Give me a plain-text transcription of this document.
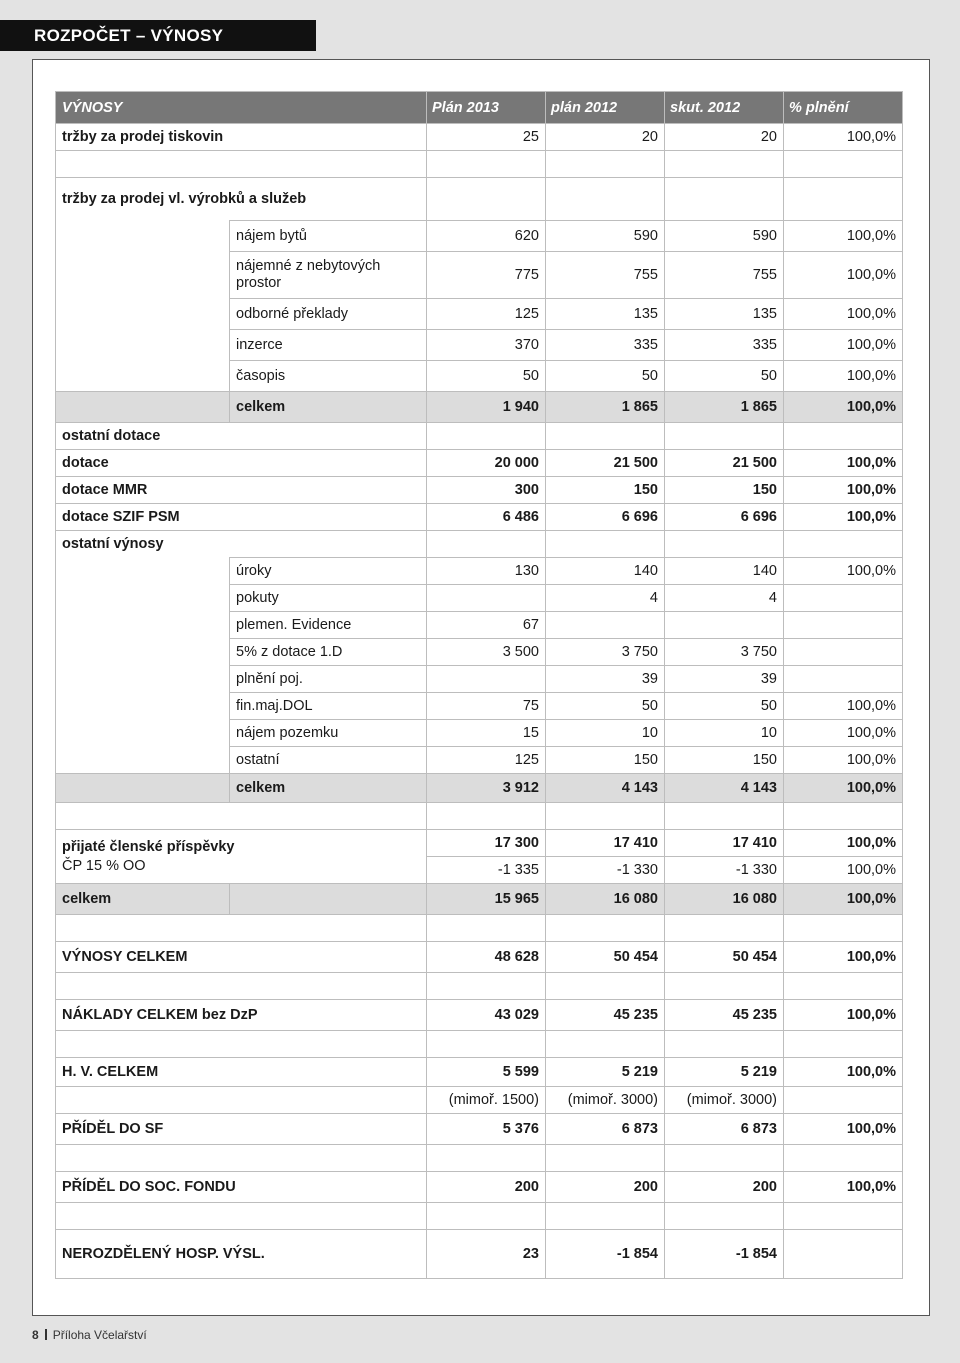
ROZPOČET – VÝNOSY
VÝNOSY		Plán 2013	plán 2012	skut. 2012	% plnění
tržby za prodej tiskovin		25	20	20	100,0%

tržby za prodej vl. výrobků a služeb					
	nájem bytů	620	590	590	100,0%
	nájemné z nebytových prostor	775	755	755	100,0%
	odborné překlady	125	135	135	100,0%
	inzerce	370	335	335	100,0%
	časopis	50	50	50	100,0%
	celkem	1 940	1 865	1 865	100,0%
ostatní dotace					
dotace		20 000	21 500	21 500	100,0%
dotace MMR		300	150	150	100,0%
dotace SZIF PSM		6 486	6 696	6 696	100,0%
ostatní výnosy					
	úroky	130	140	140	100,0%
	pokuty		4	4	
	plemen. Evidence	67			
	5% z dotace 1.D	3 500	3 750	3 750	
	plnění poj.		39	39	
	fin.maj.DOL	75	50	50	100,0%
	nájem pozemku	15	10	10	100,0%
	ostatní	125	150	150	100,0%
	celkem	3 912	4 143	4 143	100,0%

přijaté členské příspěvky
ČP 15 % OO		17 300	17 410	17 410	100,0%
		-1 335	-1 330	-1 330	100,0%
celkem		15 965	16 080	16 080	100,0%

VÝNOSY CELKEM		48 628	50 454	50 454	100,0%

NÁKLADY CELKEM bez DzP		43 029	45 235	45 235	100,0%

H. V. CELKEM		5 599	5 219	5 219	100,0%
		(mimoř. 1500)	(mimoř. 3000)	(mimoř. 3000)	
PŘÍDĚL DO SF		5 376	6 873	6 873	100,0%

PŘÍDĚL DO SOC. FONDU		200	200	200	100,0%

NEROZDĚLENÝ HOSP. VÝSL.		23	-1 854	-1 854	
8 Příloha Včelařství
